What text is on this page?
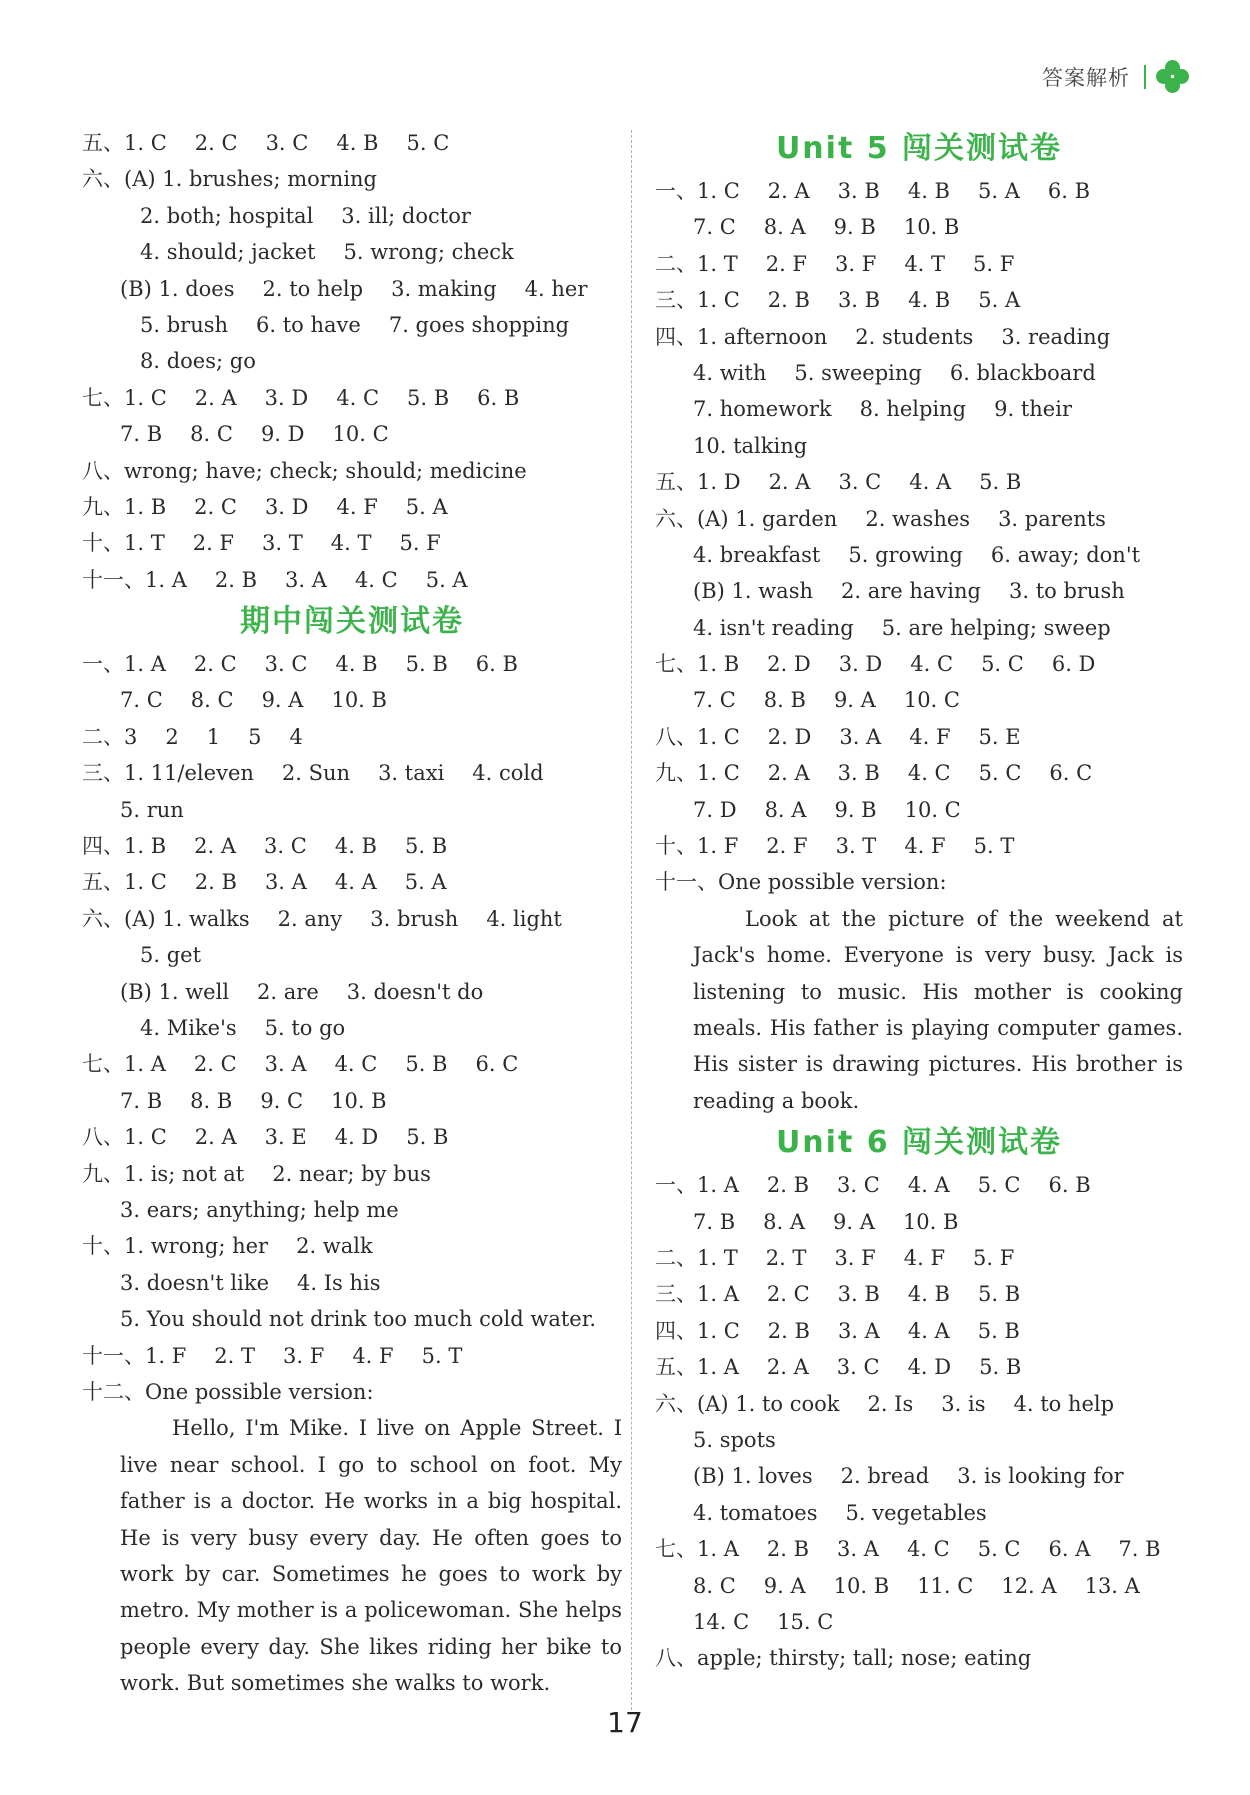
答案解析
五、1. C 2. C 3. C 4. B 5. C
六、(A) 1. brushes; morning
2. both; hospital 3. ill; doctor
4. should; jacket 5. wrong; check
(B) 1. does 2. to help 3. making 4. her
5. brush 6. to have 7. goes shopping
8. does; go
七、1. C 2. A 3. D 4. C 5. B 6. B
7. B 8. C 9. D 10. C
八、wrong; have; check; should; medicine
九、1. B 2. C 3. D 4. F 5. A
十、1. T 2. F 3. T 4. T 5. F
十一、1. A 2. B 3. A 4. C 5. A
期中闯关测试卷
一、1. A 2. C 3. C 4. B 5. B 6. B
7. C 8. C 9. A 10. B
二、3 2 1 5 4
三、1. 11/eleven 2. Sun 3. taxi 4. cold
5. run
四、1. B 2. A 3. C 4. B 5. B
五、1. C 2. B 3. A 4. A 5. A
六、(A) 1. walks 2. any 3. brush 4. light
5. get
(B) 1. well 2. are 3. doesn't do
4. Mike's 5. to go
七、1. A 2. C 3. A 4. C 5. B 6. C
7. B 8. B 9. C 10. B
八、1. C 2. A 3. E 4. D 5. B
九、1. is; not at 2. near; by bus
3. ears; anything; help me
十、1. wrong; her 2. walk
3. doesn't like 4. Is his
5. You should not drink too much cold water.
十一、1. F 2. T 3. F 4. F 5. T
十二、One possible version:
Hello, I'm Mike. I live on Apple Street. I live near school. I go to school on foot. My father is a doctor. He works in a big hospital. He is very busy every day. He often goes to work by car. Sometimes he goes to work by metro. My mother is a policewoman. She helps people every day. She likes riding her bike to work. But sometimes she walks to work.
Unit 5 闯关测试卷
一、1. C 2. A 3. B 4. B 5. A 6. B
7. C 8. A 9. B 10. B
二、1. T 2. F 3. F 4. T 5. F
三、1. C 2. B 3. B 4. B 5. A
四、1. afternoon 2. students 3. reading
4. with 5. sweeping 6. blackboard
7. homework 8. helping 9. their
10. talking
五、1. D 2. A 3. C 4. A 5. B
六、(A) 1. garden 2. washes 3. parents
4. breakfast 5. growing 6. away; don't
(B) 1. wash 2. are having 3. to brush
4. isn't reading 5. are helping; sweep
七、1. B 2. D 3. D 4. C 5. C 6. D
7. C 8. B 9. A 10. C
八、1. C 2. D 3. A 4. F 5. E
九、1. C 2. A 3. B 4. C 5. C 6. C
7. D 8. A 9. B 10. C
十、1. F 2. F 3. T 4. F 5. T
十一、One possible version:
Look at the picture of the weekend at Jack's home. Everyone is very busy. Jack is listening to music. His mother is cooking meals. His father is playing computer games. His sister is drawing pictures. His brother is reading a book.
Unit 6 闯关测试卷
一、1. A 2. B 3. C 4. A 5. C 6. B
7. B 8. A 9. A 10. B
二、1. T 2. T 3. F 4. F 5. F
三、1. A 2. C 3. B 4. B 5. B
四、1. C 2. B 3. A 4. A 5. B
五、1. A 2. A 3. C 4. D 5. B
六、(A) 1. to cook 2. Is 3. is 4. to help
5. spots
(B) 1. loves 2. bread 3. is looking for
4. tomatoes 5. vegetables
七、1. A 2. B 3. A 4. C 5. C 6. A 7. B
8. C 9. A 10. B 11. C 12. A 13. A
14. C 15. C
八、apple; thirsty; tall; nose; eating
17
